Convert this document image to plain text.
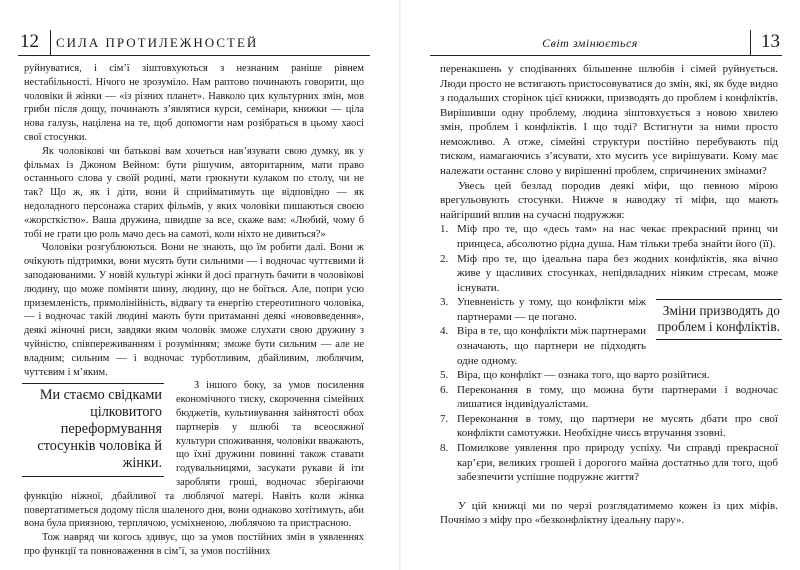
12 СИЛА ПРОТИЛЕЖНОСТЕЙ

руйнуватися, і сім’ї зіштовхуються з незнаним раніше рівнем нестабільності. Нічого не зрозуміло. Нам раптово починають говорити, що чоловіки й жінки — «із різних планет». Навколо цих культурних змін, мов гриби після дощу, починають з’являтися курси, семінари, книжки — ціла нова галузь, націлена на те, щоб допомогти нам розібраться в цьому хаосі свої стосунки.

Як чоловікові чи батькові вам хочеться нав’язувати свою думку, як у фільмах із Джоном Вейном: бути рішучим, авторитарним, мати право останнього слова у своїй родині, мати грюкнути кулаком по столу, чи не так? Що ж, як і діти, вони й сприйматимуть ще відповідно — як недоладного персонажа старих фільмів, у яких чоловіки пишаються своєю «жорсткістю». Ваша дружина, швидше за все, скаже вам: «Любий, чому б тобі не грати цю роль мачо десь на самоті, коли ніхто не дивиться?»

Чоловіки розгублюються. Вони не знають, що їм робити далі. Вони ж очікують підтримки, вони мусять бути сильними — і водночас чуттєвими й заподаюваними. У новій культурі жінки й досі прагнуть бачити в чоловікові людину, що може поміняти шину, людину, що не боїться. Але, попри усю приземленість, прямолінійність, відвагу та енергію стереотипного чоловіка,— і водночас такій людині мають бути притаманні деякі «нововведення», деякі жіночні риси, завдяки яким чоловік зможе слухати свою дружину з чуйністю, співпереживанням і розумінням; зможе бути сильним — але не владним; сильним — і водночас турботливим, дбайливим, люблячим, чуттєвим і м’яким.

Ми стаємо свідками цілковитого переформування стосунків чоловіка й жінки.

З іншого боку, за умов посилення економічного тиску, скорочення сімейних бюджетів, культивування зайнятості обох партнерів у шлюбі та всеосяжної культури споживання, чоловіки вважають, що їхні дружини повинні також ставати годувальницями, засукати рукави й іти заробляти гроші, водночас зберігаючи функцію ніжної, дбайливої та люблячої матері. Навіть коли жінка повертатиметься додому після шаленого дня, вони однаково хотітимуть, аби вона була приязною, терплячою, усміхненою, люблячою та пристрасною.

Тож навряд чи когось здивує, що за умов постійних змін в уявленнях про функції та повноваження в сім’ї, за умов постійних

Світ змінюється	13

перенакшень у сподіваннях більшенне шлюбів і сімей руйнується. Люди просто не встигають пристосовуватися до змін, які, як буде видно з подальших сторінок цієї книжки, призводять до проблем і конфліктів. Вирішивши одну проблему, людина зіштовхується з новою хвилею змін, проблем і конфліктів. І що тоді? Встигнути за ними просто неможливо. А отже, сімейні структури постійно перебувають під тиском, намагаючись з’ясувати, хто мусить усе вирішувати. Кому має належати останнє слово у вирішенні проблем, спричинених змінами?

Увесь цей безлад породив деякі міфи, що певною мірою врегульовують стосунки. Нижче я наводжу ті міфи, що мають найгірший вплив на сучасні подружжя:

1. Міф про те, що «десь там» на нас чекає прекрасний принц чи принцеса, абсолютно рідна душа. Нам тільки треба знайти його (її).
2. Міф про те, що ідеальна пара без жодних конфліктів, яка вічно живе у щасливих стосунках, непідвладних ніяким стресам, може існувати.
Зміни призводять до проблем і конфліктів.
3. Упевненість у тому, що конфлікти між партнерами — це погано.
4. Віра в те, що конфлікти між партнерами означають, що партнери не підходять одне одному.
5. Віра, що конфлікт — ознака того, що варто розійтися.
6. Переконання в тому, що можна бути партнерами і водночас лишатися індивідуалістами.
7. Переконання в тому, що партнери не мусять дбати про свої конфлікти самотужки. Необхідне чиєсь втручання ззовні.
8. Помилкове уявлення про природу успіху. Чи справді прекрасної кар’єри, великих грошей і дорогого майна достатньо для того, щоб забезпечити успішне подружнє життя?

У цій книжці ми по черзі розглядатимемо кожен із цих міфів. Почнімо з міфу про «безконфліктну ідеальну пару».
